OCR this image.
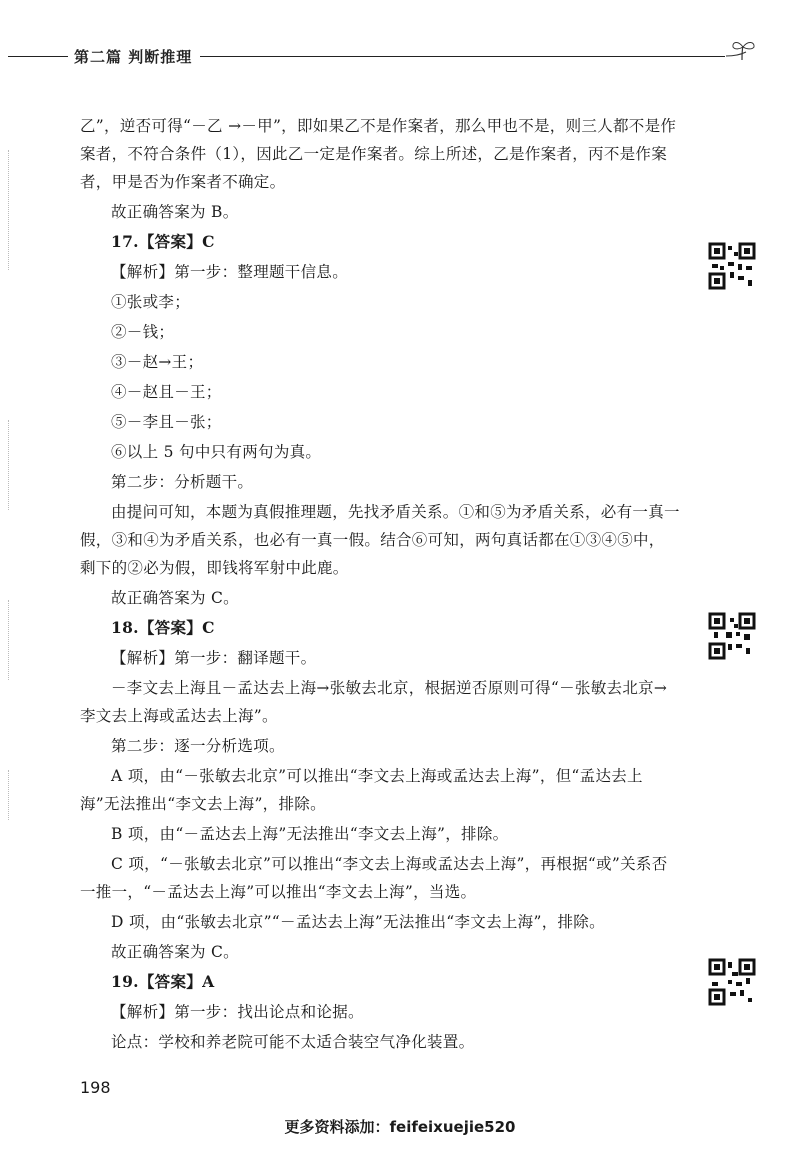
第二篇 判断推理

乙”，逆否可得“－乙 →－甲”，即如果乙不是作案者，那么甲也不是，则三人都不是作案者，不符合条件（1），因此乙一定是作案者。综上所述，乙是作案者，丙不是作案者，甲是否为作案者不确定。

故正确答案为 B。

17.【答案】C

【解析】第一步：整理题干信息。

①张或李；

②－钱；

③－赵→王；

④－赵且－王；

⑤－李且－张；

⑥以上 5 句中只有两句为真。

第二步：分析题干。

由提问可知，本题为真假推理题，先找矛盾关系。①和⑤为矛盾关系，必有一真一假，③和④为矛盾关系，也必有一真一假。结合⑥可知，两句真话都在①③④⑤中，剩下的②必为假，即钱将军射中此鹿。

故正确答案为 C。

18.【答案】C

【解析】第一步：翻译题干。

－李文去上海且－孟达去上海→张敏去北京，根据逆否原则可得“－张敏去北京→李文去上海或孟达去上海”。

第二步：逐一分析选项。

A 项，由“－张敏去北京”可以推出“李文去上海或孟达去上海”，但“孟达去上海”无法推出“李文去上海”，排除。

B 项，由“－孟达去上海”无法推出“李文去上海”，排除。

C 项，“－张敏去北京”可以推出“李文去上海或孟达去上海”，再根据“或”关系否一推一，“－孟达去上海”可以推出“李文去上海”，当选。

D 项，由“张敏去北京”“－孟达去上海”无法推出“李文去上海”，排除。

故正确答案为 C。

19.【答案】A

【解析】第一步：找出论点和论据。

论点：学校和养老院可能不太适合装空气净化装置。

198
更多资料添加：feifeixuejie520
